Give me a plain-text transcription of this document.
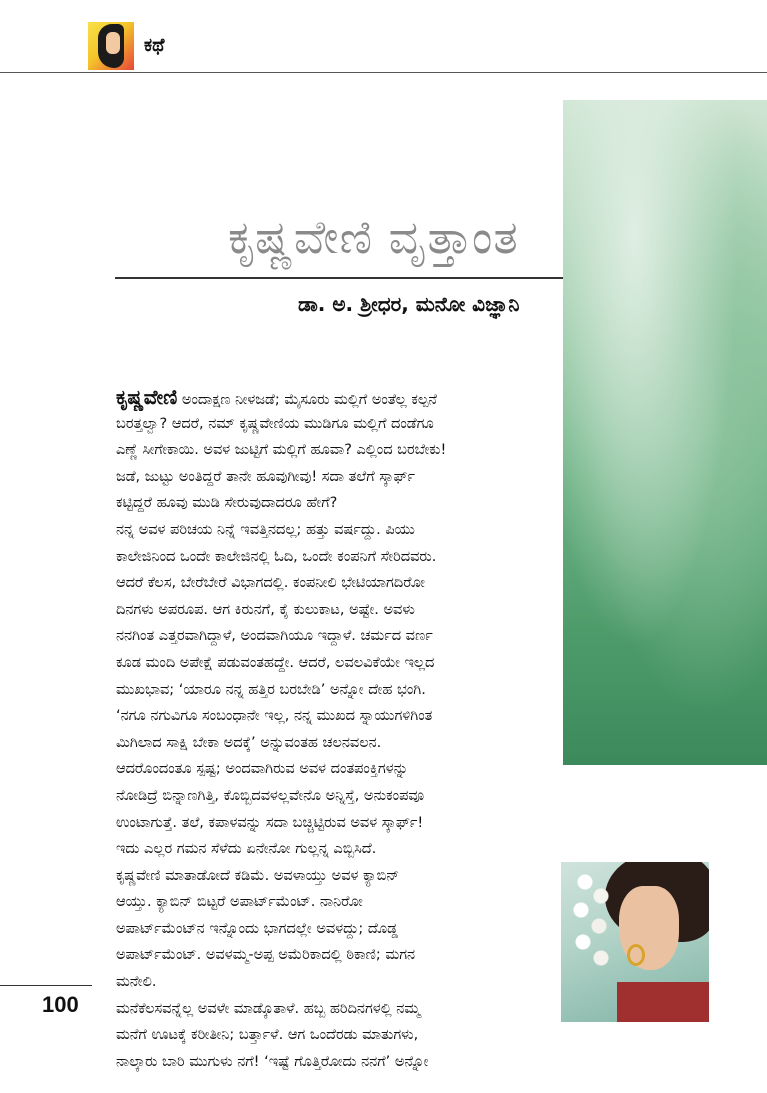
ಕಥೆ
ಕೃಷ್ಣವೇಣಿ ವೃತ್ತಾಂತ
ಡಾ. ಅ. ಶ್ರೀಧರ, ಮನೋ ವಿಜ್ಞಾನಿ
ಕೃಷ್ಣವೇಣಿ ಅಂದಾಕ್ಷಣ ನೀಳಜಡೆ; ಮೈಸೂರು ಮಲ್ಲಿಗೆ ಅಂತೆಲ್ಲ ಕಲ್ಪನೆ
ಬರತ್ತಲ್ವಾ? ಆದರೆ, ನಮ್ ಕೃಷ್ಣವೇಣಿಯ ಮುಡಿಗೂ ಮಲ್ಲಿಗೆ ದಂಡೆಗೂ
ಎಣ್ಣೆ ಸೀಗೇಕಾಯಿ. ಅವಳ ಜುಟ್ಟಿಗೆ ಮಲ್ಲಿಗೆ ಹೂವಾ? ಎಲ್ಲಿಂದ ಬರಬೇಕು!
ಜಡೆ, ಜುಟ್ಟು ಅಂತಿದ್ದರೆ ತಾನೇ ಹೂವುಗೀವು! ಸದಾ ತಲೆಗೆ ಸ್ಕಾರ್ಫ್
ಕಟ್ಟಿದ್ದರೆ ಹೂವು ಮುಡಿ ಸೇರುವುದಾದರೂ ಹೇಗೆ?
ನನ್ನ ಅವಳ ಪರಿಚಯ ನಿನ್ನೆ ಇವತ್ತಿನದಲ್ಲ; ಹತ್ತು ವರ್ಷದ್ದು. ಪಿಯು
ಕಾಲೇಜಿನಿಂದ ಒಂದೇ ಕಾಲೇಜಿನಲ್ಲಿ ಓದಿ, ಒಂದೇ ಕಂಪನಿಗೆ ಸೇರಿದವರು.
ಆದರೆ ಕೆಲಸ, ಬೇರೆಬೇರೆ ವಿಭಾಗದಲ್ಲಿ. ಕಂಪನೀಲಿ ಭೇಟಿಯಾಗದಿರೋ
ದಿನಗಳು ಅಪರೂಪ. ಆಗ ಕಿರುನಗೆ, ಕೈ ಕುಲುಕಾಟ, ಅಷ್ಟೇ. ಅವಳು
ನನಗಿಂತ ಎತ್ತರವಾಗಿದ್ದಾಳೆ, ಅಂದವಾಗಿಯೂ ಇದ್ದಾಳೆ. ಚರ್ಮದ ವರ್ಣ
ಕೂಡ ಮಂದಿ ಅಪೇಕ್ಷೆ ಪಡುವಂತಹದ್ದೇ. ಆದರೆ, ಲವಲವಿಕೆಯೇ ಇಲ್ಲದ
ಮುಖಭಾವ; ‘ಯಾರೂ ನನ್ನ ಹತ್ತಿರ ಬರಬೇಡಿ’ ಅನ್ನೋ ದೇಹ ಭಂಗಿ.
‘ನಗೂ ನಗುವಿಗೂ ಸಂಬಂಧಾನೇ ಇಲ್ಲ, ನನ್ನ ಮುಖದ ಸ್ನಾಯುಗಳಿಗಿಂತ
ಮಿಗಿಲಾದ ಸಾಕ್ಷಿ ಬೇಕಾ ಅದಕ್ಕೆ’ ಅನ್ನುವಂತಹ ಚಲನವಲನ.
ಆದರೊಂದಂತೂ ಸ್ಪಷ್ಟ; ಅಂದವಾಗಿರುವ ಅವಳ ದಂತಪಂಕ್ತಿಗಳನ್ನು
ನೋಡಿದ್ರೆ ಬಿನ್ನಾಣಗಿತ್ತಿ, ಕೊಬ್ಬಿದವಳಲ್ಲವೇನೊ ಅನ್ನಿಸ್ತೆ, ಅನುಕಂಪವೂ
ಉಂಟಾಗುತ್ತೆ. ತಲೆ, ಕಪಾಳವನ್ನು ಸದಾ ಬಚ್ಚಿಟ್ಟಿರುವ ಅವಳ ಸ್ಕಾರ್ಫ್!
ಇದು ಎಲ್ಲರ ಗಮನ ಸೆಳೆದು ಏನೇನೋ ಗುಲ್ಲನ್ನ ಎಬ್ಬಿಸಿದೆ.
ಕೃಷ್ಣವೇಣಿ ಮಾತಾಡೋದೆ ಕಡಿಮೆ. ಅವಳಾಯ್ತು ಅವಳ ಕ್ಯಾಬಿನ್
ಆಯ್ತು. ಕ್ಯಾಬಿನ್ ಬಿಟ್ಟರೆ ಅಪಾರ್ಟ್‌ಮೆಂಟ್. ನಾನಿರೋ
ಅಪಾರ್ಟ್‌ಮೆಂಟ್‌ನ ಇನ್ನೊಂದು ಭಾಗದಲ್ಲೇ ಅವಳದ್ದು; ದೊಡ್ಡ
ಅಪಾರ್ಟ್‌ಮೆಂಟ್. ಅವಳಮ್ಮ-ಅಪ್ಪ ಅಮೆರಿಕಾದಲ್ಲಿ ಠಿಕಾಣಿ; ಮಗನ
ಮನೇಲಿ.
ಮನೆಕೆಲಸವನ್ನೆಲ್ಲ ಅವಳೇ ಮಾಡ್ಕೊತಾಳೆ. ಹಬ್ಬ ಹರಿದಿನಗಳಲ್ಲಿ ನಮ್ಮ
ಮನೆಗೆ ಊಟಕ್ಕೆ ಕರೀತೀನಿ; ಬರ್ತ್ತಾಳೆ. ಆಗ ಒಂದೆರಡು ಮಾತುಗಳು,
ನಾಲ್ಕಾರು ಬಾರಿ ಮುಗುಳು ನಗೆ! ‘ಇಷ್ಟೆ ಗೊತ್ತಿರೋದು ನನಗೆ’ ಅನ್ನೋ
100
